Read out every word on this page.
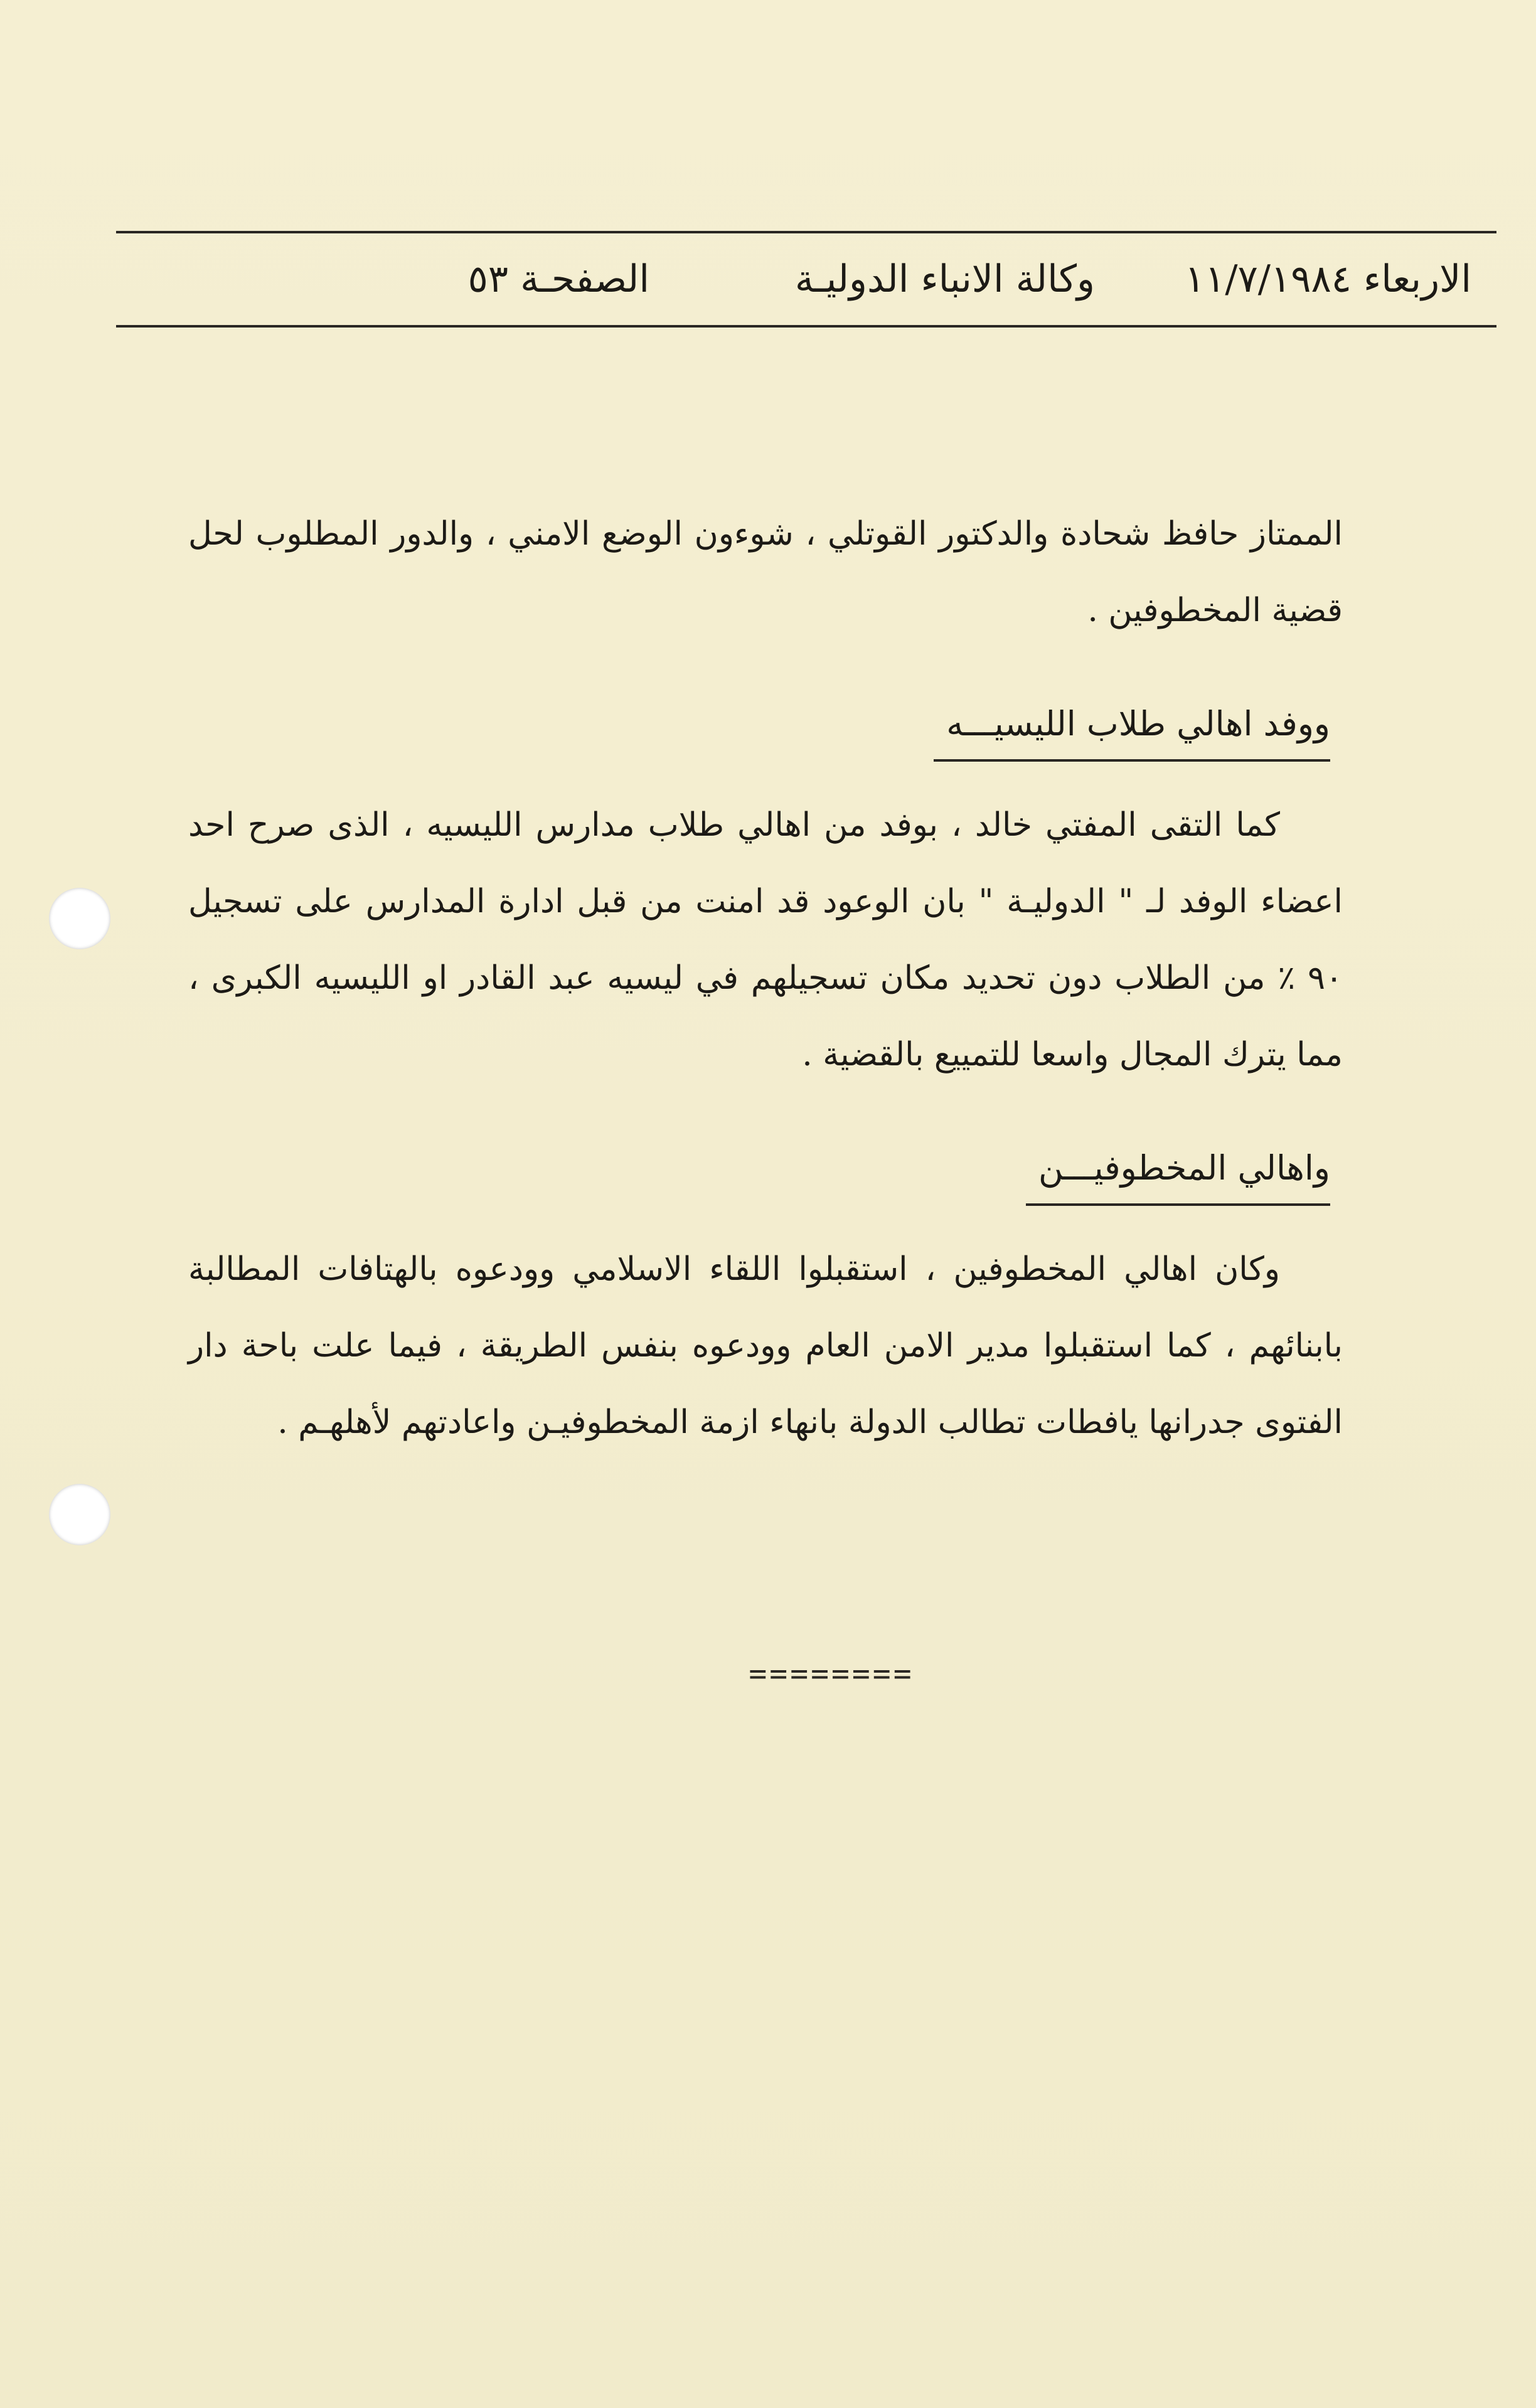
الاربعاء ١١/٧/١٩٨٤
وكالة الانباء الدوليـة
الصفحـة ٥٣

الممتاز حافظ شحادة والدكتور القوتلي ، شوءون الوضع الامني ، والدور المطلوب لحل قضية المخطوفين .

ووفد اهالي طلاب الليسيـــه

كما التقى المفتي خالد ، بوفد من اهالي طلاب مدارس الليسيه ، الذى صرح احد اعضاء الوفد لـ " الدوليـة " بان الوعود قد امنت من قبل ادارة المدارس على تسجيل ٩٠ ٪ من الطلاب دون تحديد مكان تسجيلهم في ليسيه عبد القادر او الليسيه الكبرى ، مما يترك المجال واسعا للتمييع بالقضية .

واهالي المخطوفيـــن

وكان اهالي المخطوفين ، استقبلوا اللقاء الاسلامي وودعوه بالهتافات المطالبة بابنائهم ، كما استقبلوا مدير الامن العام وودعوه بنفس الطريقة ، فيما علت باحة دار الفتوى جدرانها يافطات تطالب الدولة بانهاء ازمة المخطوفيـن واعادتهم لأهلهـم .

========
